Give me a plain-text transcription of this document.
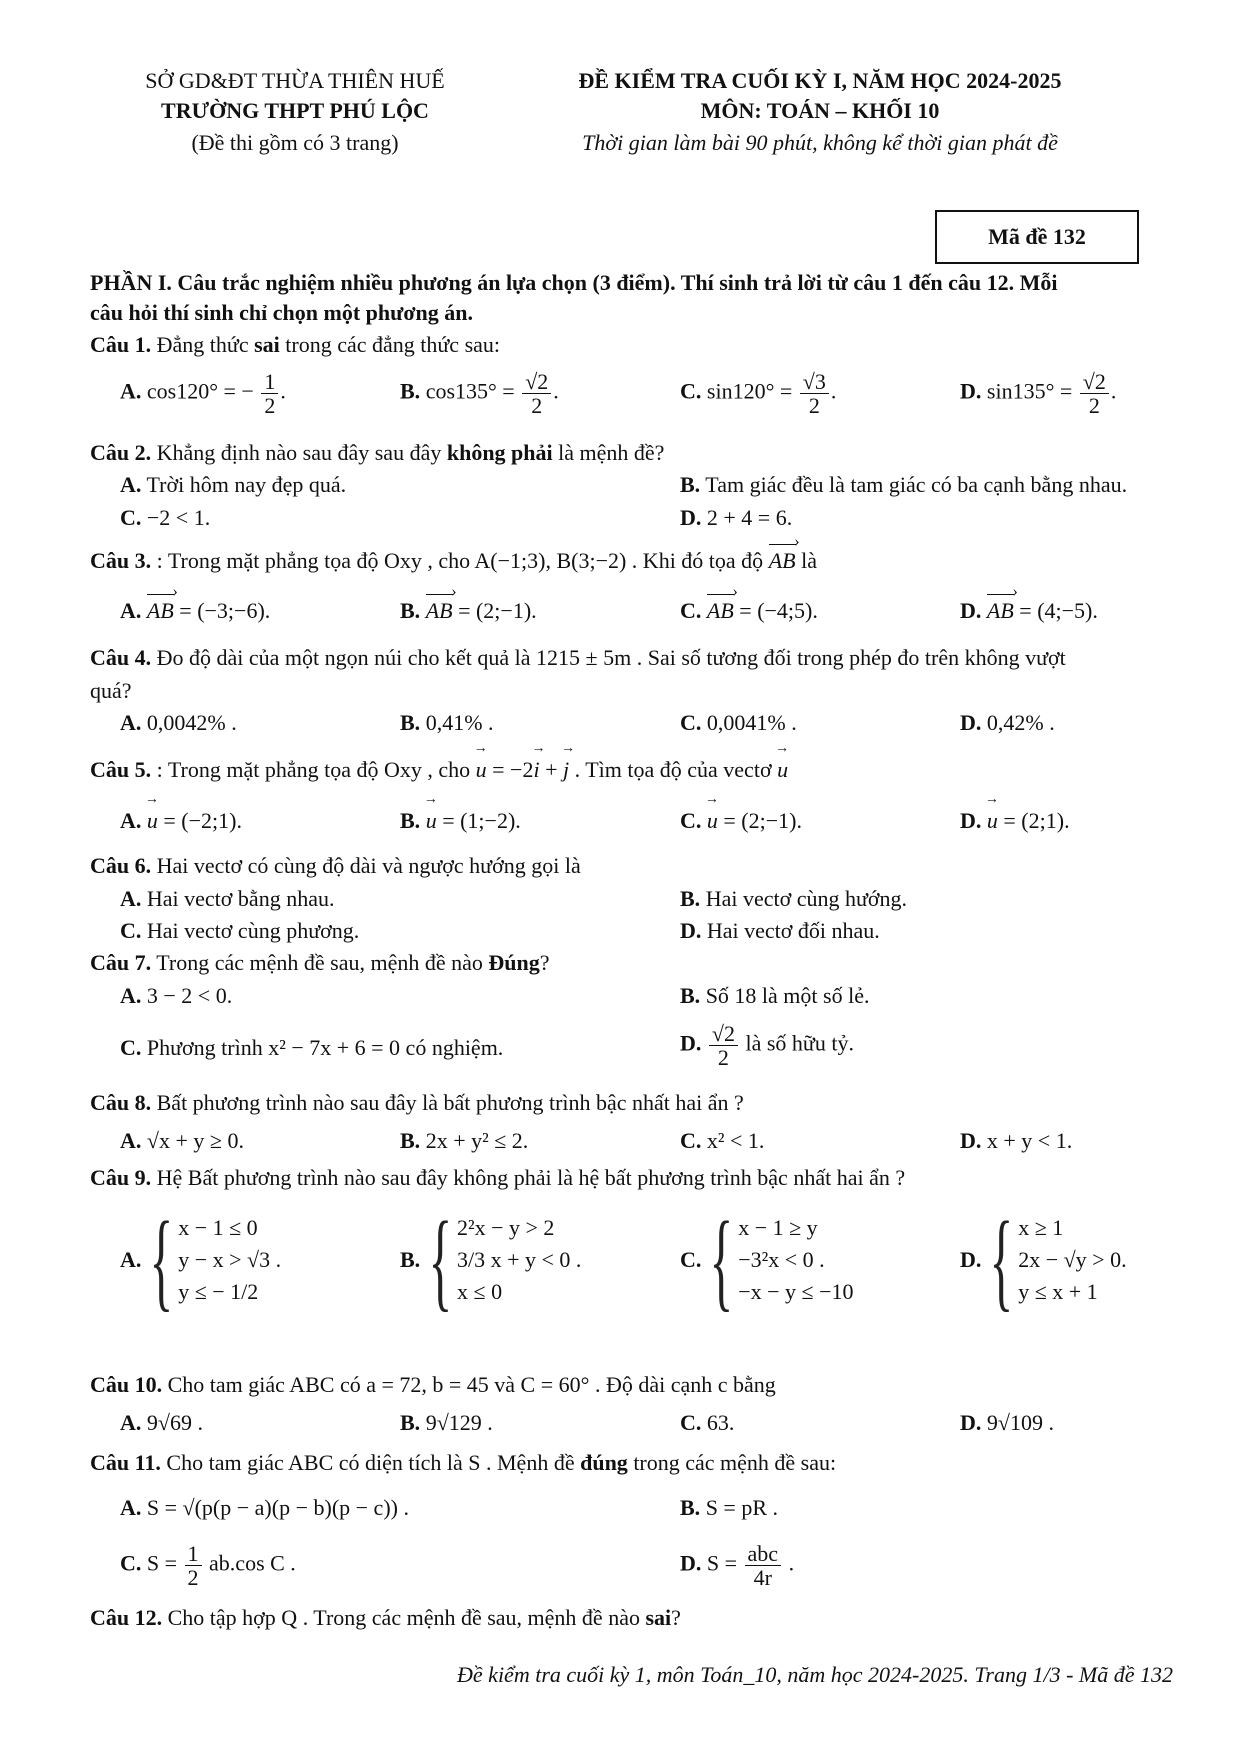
SỞ GD&ĐT THỪA THIÊN HUẾ
TRƯỜNG THPT PHÚ LỘC
(Đề thi gồm có 3 trang)
ĐỀ KIỂM TRA CUỐI KỲ I, NĂM HỌC 2024-2025
MÔN: TOÁN – KHỐI 10
Thời gian làm bài 90 phút, không kể thời gian phát đề
Mã đề 132
PHẦN I. Câu trắc nghiệm nhiều phương án lựa chọn (3 điểm). Thí sinh trả lời từ câu 1 đến câu 12. Mỗi
câu hỏi thí sinh chỉ chọn một phương án.
Câu 1. Đẳng thức sai trong các đẳng thức sau:
A. cos120° = − $\frac{1}{2}$ .	B. $\cos 135^\circ = \frac{√2}{2}$ .	C. $\sin 120^\circ = \frac{√3}{2}$ .	D. $\sin 135^\circ = \frac{√2}{2}$ .
Câu 2. Khẳng định nào sau đây sau đây không phải là mệnh đề?
A. Trời hôm nay đẹp quá.	B. Tam giác đều là tam giác có ba cạnh bằng nhau.
C. −2 < 1.	D. 2 + 4 = 6.
Câu 3. : Trong mặt phẳng tọa độ Oxy , cho A(−1;3), B(3;−2) . Khi đó tọa độ AB › là
A. AB › = (−3;−6).	B. AB › = (2;−1).	C. AB › = (−4;5).	D. AB › = (4;−5).
Câu 4. Đo độ dài của một ngọn núi cho kết quả là 1215 ± 5m . Sai số tương đối trong phép đo trên không vượt
quá?
A. 0,0042% .	B. 0,41% .	C. 0,0041% .	D. 0,42% .
Câu 5. : Trong mặt phẳng tọa độ Oxy , cho → u = −2→ i + → j . Tìm tọa độ của vectơ → u
A. → u = (−2;1).	B. → u = (1;−2).	C. → u = (2;−1).	D. → u = (2;1).
Câu 6. Hai vectơ có cùng độ dài và ngược hướng gọi là
A. Hai vectơ bằng nhau.	B. Hai vectơ cùng hướng.
C. Hai vectơ cùng phương.	D. Hai vectơ đối nhau.
Câu 7. Trong các mệnh đề sau, mệnh đề nào Đúng?
A. 3 − 2 < 0.	B. Số 18 là một số lẻ.
C. Phương trình x² − 7x + 6 = 0 có nghiệm.	D. $\frac{√2}{2}$ là số hữu tỷ.
Câu 8. Bất phương trình nào sau đây là bất phương trình bậc nhất hai ẩn ?
A. √x + y ≥ 0.	B. 2x + y² ≤ 2.	C. x² < 1.	D. x + y < 1.
Câu 9. Hệ Bất phương trình nào sau đây không phải là hệ bất phương trình bậc nhất hai ẩn ?
A. { x − 1 ≤ 0
y − x > √3 .
y ≤ − 1/2
B. { 2²x − y > 2
3/3 x + y < 0 .
x ≤ 0
C. { x − 1 ≥ y
−3²x < 0 .
−x − y ≤ −10
D. { x ≥ 1
2x − √y > 0.
y ≤ x + 1
Câu 10. Cho tam giác ABC có a = 72, b = 45 và C = 60° . Độ dài cạnh c bằng
A. 9√69 .	B. 9√129 .	C. 63.	D. 9√109 .
Câu 11. Cho tam giác ABC có diện tích là S . Mệnh đề đúng trong các mệnh đề sau:
A. S = √(p(p − a)(p − b)(p − c)) .	B. S = pR .
C. $S = \frac{1}{2} ab.\cos$ C .	D. $S = \frac{\text{abc}}{4r}$ .
Câu 12. Cho tập hợp Q . Trong các mệnh đề sau, mệnh đề nào sai?
Đề kiểm tra cuối kỳ 1, môn Toán_10, năm học 2024-2025. Trang 1/3 - Mã đề 132
